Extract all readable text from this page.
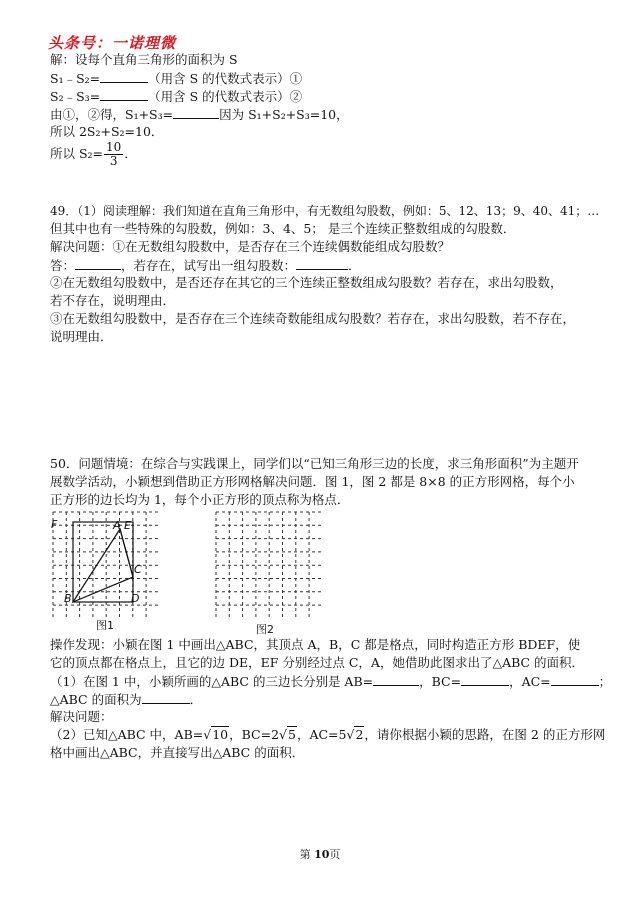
头条号：一诺理微
解：设每个直角三角形的面积为 S
S₁﹣S₂=	（用含 S 的代数式表示）①
S₂﹣S₃=	（用含 S 的代数式表示）②
由①，②得，S₁+S₃=	因为 S₁+S₂+S₃=10，
所以 2S₂+S₂=10．
所以 $S_2= \frac{10}{3}$ ．
49．（1）阅读理解：我们知道在直角三角形中，有无数组勾股数，例如：5、12、13；9、40、41；…
但其中也有一些特殊的勾股数，例如：3、4、5； 是三个连续正整数组成的勾股数．
解决问题：①在无数组勾股数中，是否存在三个连续偶数能组成勾股数？
答：	，若存在，试写出一组勾股数：	．
②在无数组勾股数中，是否还存在其它的三个连续正整数组成勾股数？若存在，求出勾股数，
若不存在，说明理由．
③在无数组勾股数中，是否存在三个连续奇数能组成勾股数？若存在，求出勾股数，若不存在，
说明理由．
50．问题情境：在综合与实践课上，同学们以“已知三角形三边的长度，求三角形面积”为主题开
展数学活动，小颖想到借助正方形网格解决问题．图 1，图 2 都是 8×8 的正方形网格，每个小
正方形的边长均为 1，每个小正方形的顶点称为格点．
F	A E
C
B	D
图1	图2
操作发现：小颖在图 1 中画出△ABC，其顶点 A，B，C 都是格点，同时构造正方形 BDEF，使
它的顶点都在格点上，且它的边 DE，EF 分别经过点 C，A，她借助此图求出了△ABC 的面积．
（1）在图 1 中，小颖所画的△ABC 的三边长分别是 AB=	，BC=	，AC=	；
△ABC 的面积为	．
解决问题：
（2）已知△ABC 中，AB=√10，BC=2√5，AC=5√2，请你根据小颖的思路，在图 2 的正方形网
格中画出△ABC，并直接写出△ABC 的面积．
第 10页
